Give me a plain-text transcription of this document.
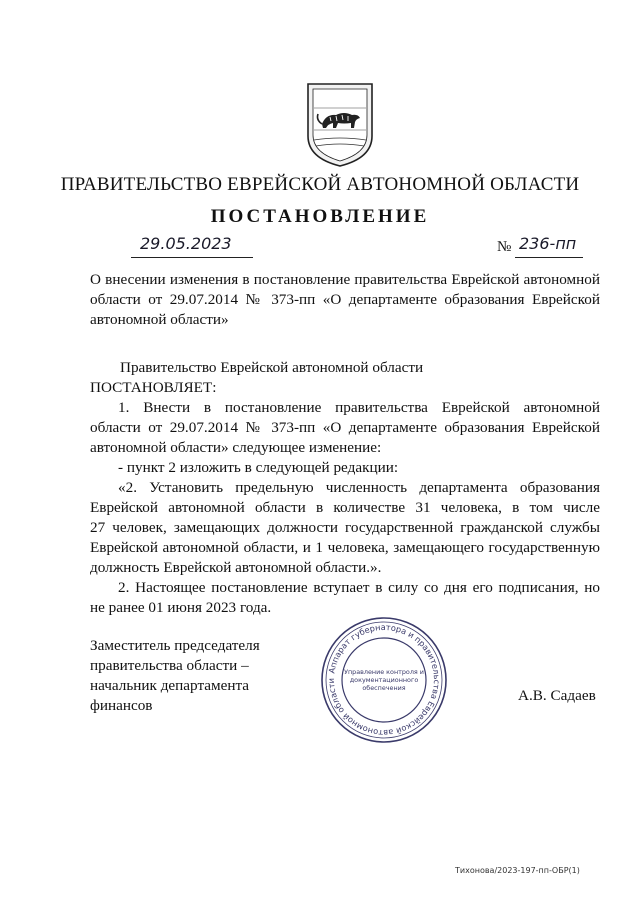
ПРАВИТЕЛЬСТВО ЕВРЕЙСКОЙ АВТОНОМНОЙ ОБЛАСТИ
ПОСТАНОВЛЕНИЕ
29.05.2023	№ 236-пп
О внесении изменения в постановление правительства Еврейской автономной
области от 29.07.2014 № 373-пп «О департаменте образования Еврейской
автономной области»
Правительство Еврейской автономной области
ПОСТАНОВЛЯЕТ:
1. Внести в постановление правительства Еврейской автономной
области от 29.07.2014 № 373-пп «О департаменте образования Еврейской
автономной области» следующее изменение:
- пункт 2 изложить в следующей редакции:
«2. Установить предельную численность департамента образования
Еврейской автономной области в количестве 31 человека, в том числе
27 человек, замещающих должности государственной гражданской службы
Еврейской автономной области, и 1 человека, замещающего государственную
должность Еврейской автономной области.».
2. Настоящее постановление вступает в силу со дня его подписания, но
не ранее 01 июня 2023 года.
Заместитель председателя
правительства области –
начальник департамента
финансов
А.В. Садаев
Аппарат губернатора и правительства Еврейской автономной области
Управление контроля и
документационного
обеспечения
Тихонова/2023-197-пп-ОБР(1)
